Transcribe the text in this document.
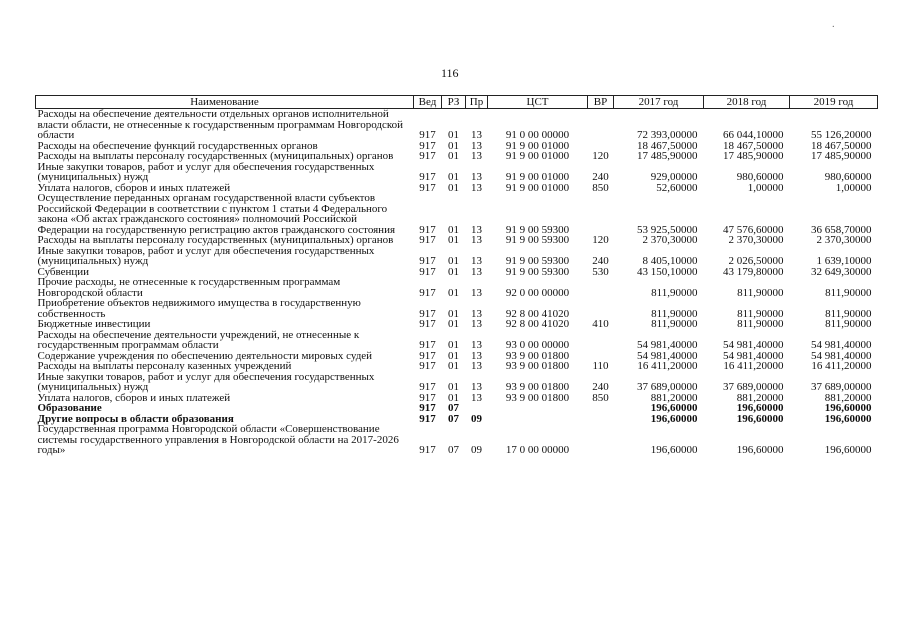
116
·
Наименование	Вед	РЗ	Пр	ЦСТ	ВР	2017 год	2018 год	2019 год
Расходы на обеспечение деятельности отдельных органов исполнительной власти области, не отнесенные к государственным программам Новгородской области	917	01	13	91 0 00 00000		72 393,00000	66 044,10000	55 126,20000
Расходы на обеспечение функций государственных органов	917	01	13	91 9 00 01000		18 467,50000	18 467,50000	18 467,50000
Расходы на выплаты персоналу государственных (муниципальных) органов	917	01	13	91 9 00 01000	120	17 485,90000	17 485,90000	17 485,90000
Иные закупки товаров, работ и услуг для обеспечения государственных (муниципальных) нужд	917	01	13	91 9 00 01000	240	929,00000	980,60000	980,60000
Уплата налогов, сборов и иных платежей	917	01	13	91 9 00 01000	850	52,60000	1,00000	1,00000
Осуществление переданных органам государственной власти субъектов Российской Федерации в соответствии с пунктом 1 статьи 4 Федерального закона «Об актах гражданского состояния» полномочий Российской Федерации на государственную регистрацию актов гражданского состояния	917	01	13	91 9 00 59300		53 925,50000	47 576,60000	36 658,70000
Расходы на выплаты персоналу государственных (муниципальных) органов	917	01	13	91 9 00 59300	120	2 370,30000	2 370,30000	2 370,30000
Иные закупки товаров, работ и услуг для обеспечения государственных (муниципальных) нужд	917	01	13	91 9 00 59300	240	8 405,10000	2 026,50000	1 639,10000
Субвенции	917	01	13	91 9 00 59300	530	43 150,10000	43 179,80000	32 649,30000
Прочие расходы, не отнесенные к государственным программам Новгородской области	917	01	13	92 0 00 00000		811,90000	811,90000	811,90000
Приобретение объектов недвижимого имущества в государственную собственность	917	01	13	92 8 00 41020		811,90000	811,90000	811,90000
Бюджетные инвестиции	917	01	13	92 8 00 41020	410	811,90000	811,90000	811,90000
Расходы на обеспечение деятельности учреждений, не отнесенные к государственным программам области	917	01	13	93 0 00 00000		54 981,40000	54 981,40000	54 981,40000
Содержание учреждения по обеспечению деятельности мировых судей	917	01	13	93 9 00 01800		54 981,40000	54 981,40000	54 981,40000
Расходы на выплаты персоналу казенных учреждений	917	01	13	93 9 00 01800	110	16 411,20000	16 411,20000	16 411,20000
Иные закупки товаров, работ и услуг для обеспечения государственных (муниципальных) нужд	917	01	13	93 9 00 01800	240	37 689,00000	37 689,00000	37 689,00000
Уплата налогов, сборов и иных платежей	917	01	13	93 9 00 01800	850	881,20000	881,20000	881,20000
Образование	917	07				196,60000	196,60000	196,60000
Другие вопросы в области образования	917	07	09			196,60000	196,60000	196,60000
Государственная программа Новгородской области «Совершенствование системы государственного управления в Новгородской области на 2017-2026 годы»	917	07	09	17 0 00 00000		196,60000	196,60000	196,60000
